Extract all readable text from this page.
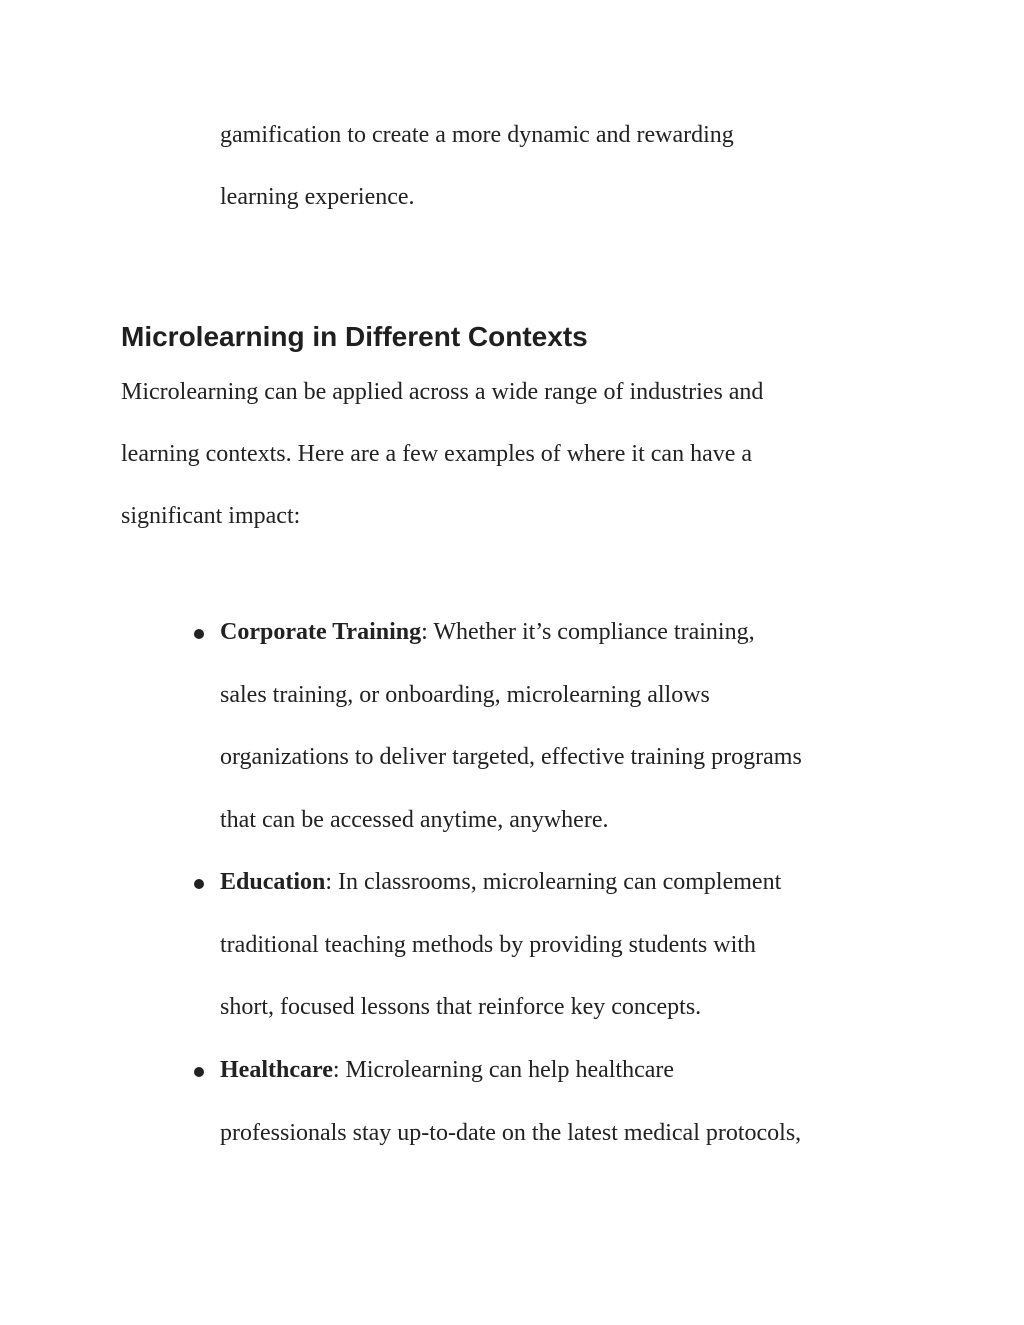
gamification to create a more dynamic and rewarding
learning experience.
Microlearning in Different Contexts
Microlearning can be applied across a wide range of industries and
learning contexts. Here are a few examples of where it can have a
significant impact:
Corporate Training: Whether it’s compliance training,
sales training, or onboarding, microlearning allows
organizations to deliver targeted, effective training programs
that can be accessed anytime, anywhere.
Education: In classrooms, microlearning can complement
traditional teaching methods by providing students with
short, focused lessons that reinforce key concepts.
Healthcare: Microlearning can help healthcare
professionals stay up-to-date on the latest medical protocols,
